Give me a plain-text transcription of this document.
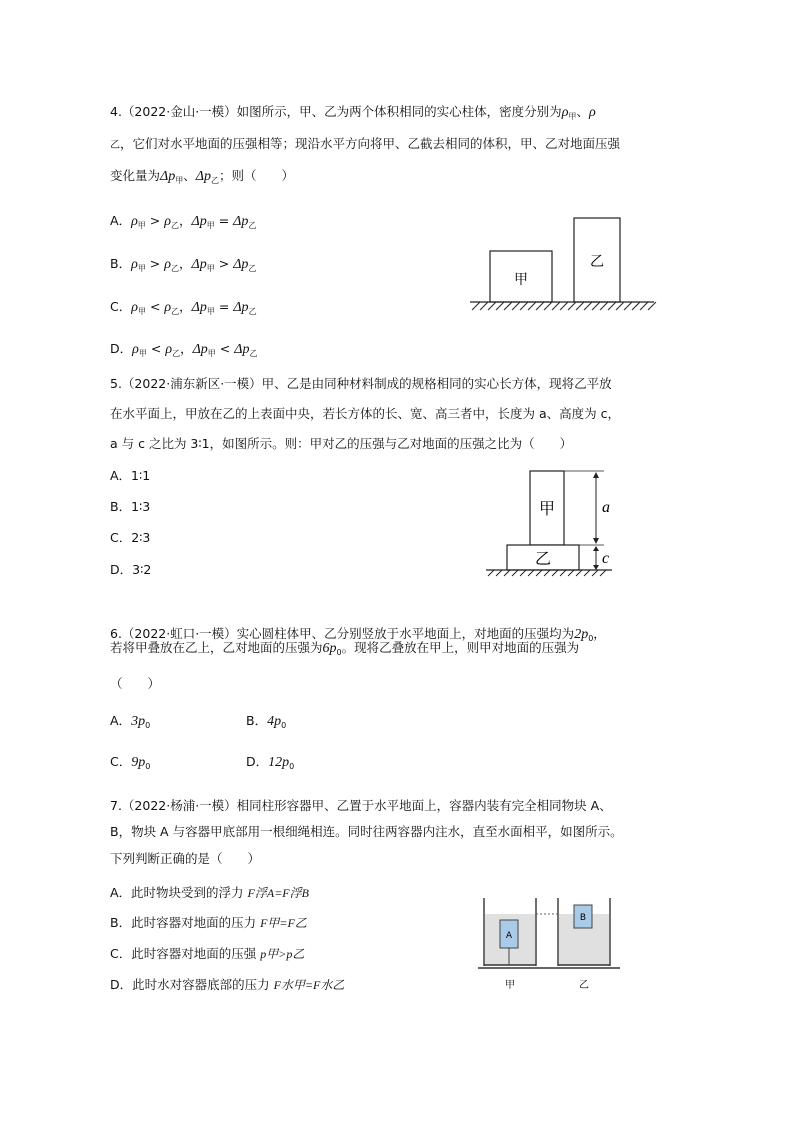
4.（2022·金山·一模）如图所示，甲、乙为两个体积相同的实心柱体，密度分别为$\rho_甲$、ρ
乙，它们对水平地面的压强相等；现沿水平方向将甲、乙截去相同的体积，甲、乙对地面压强
变化量为$\Delta p_甲$、$\Delta p_乙$；则（　　）
A．$\rho_甲 > \rho_乙$，$\Delta p_甲 = \Delta p_乙$
B．$\rho_甲 > \rho_乙$，$\Delta p_甲 > \Delta p_乙$
C．$\rho_甲 < \rho_乙$，$\Delta p_甲 = \Delta p_乙$
D．$\rho_甲 < \rho_乙$，$\Delta p_甲 < \Delta p_乙$
甲
乙
5.（2022·浦东新区·一模）甲、乙是由同种材料制成的规格相同的实心长方体，现将乙平放
在水平面上，甲放在乙的上表面中央，若长方体的长、宽、高三者中，长度为 a、高度为 c，
a 与 c 之比为 3∶1，如图所示。则：甲对乙的压强与乙对地面的压强之比为（　　）
A．1∶1
B．1∶3
C．2∶3
D．3∶2
甲
乙
a
c
6.（2022·虹口·一模）实心圆柱体甲、乙分别竖放于水平地面上，对地面的压强均为$2p_0$，
若将甲叠放在乙上，乙对地面的压强为$6p_0$。现将乙叠放在甲上，则甲对地面的压强为
（　　）
A．$3p_0$	B．$4p_0$
C．$9p_0$	D．$12p_0$
7.（2022·杨浦·一模）相同柱形容器甲、乙置于水平地面上，容器内装有完全相同物块 A、
B，物块 A 与容器甲底部用一根细绳相连。同时往两容器内注水，直至水面相平，如图所示。
下列判断正确的是（　　）
A．此时物块受到的浮力 F浮A=F浮B
B．此时容器对地面的压力 F甲=F乙
C．此时容器对地面的压强 p甲>p乙
D．此时水对容器底部的压力 F水甲=F水乙
A
B
甲	乙
